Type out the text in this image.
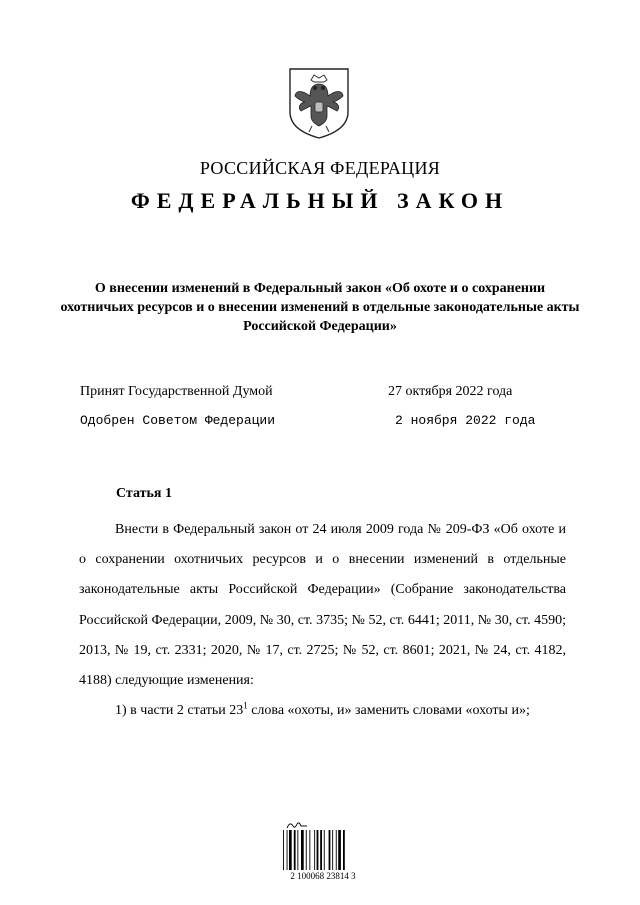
РОССИЙСКАЯ ФЕДЕРАЦИЯ
ФЕДЕРАЛЬНЫЙ ЗАКОН
О внесении изменений в Федеральный закон «Об охоте и о сохранении охотничьих ресурсов и о внесении изменений в отдельные законодательные акты Российской Федерации»
Принят Государственной Думой	27 октября 2022 года
Одобрен Советом Федерации	2 ноября 2022 года
Статья 1

Внести в Федеральный закон от 24 июля 2009 года № 209-ФЗ «Об охоте и о сохранении охотничьих ресурсов и о внесении изменений в отдельные законодательные акты Российской Федерации» (Собрание законодательства Российской Федерации, 2009, № 30, ст. 3735; № 52, ст. 6441; 2011, № 30, ст. 4590; 2013, № 19, ст. 2331; 2020, № 17, ст. 2725; № 52, ст. 8601; 2021, № 24, ст. 4182, 4188) следующие изменения:

1) в части 2 статьи $23^1$ слова «охоты, и» заменить словами «охоты и»;

2 100068 23814 3
